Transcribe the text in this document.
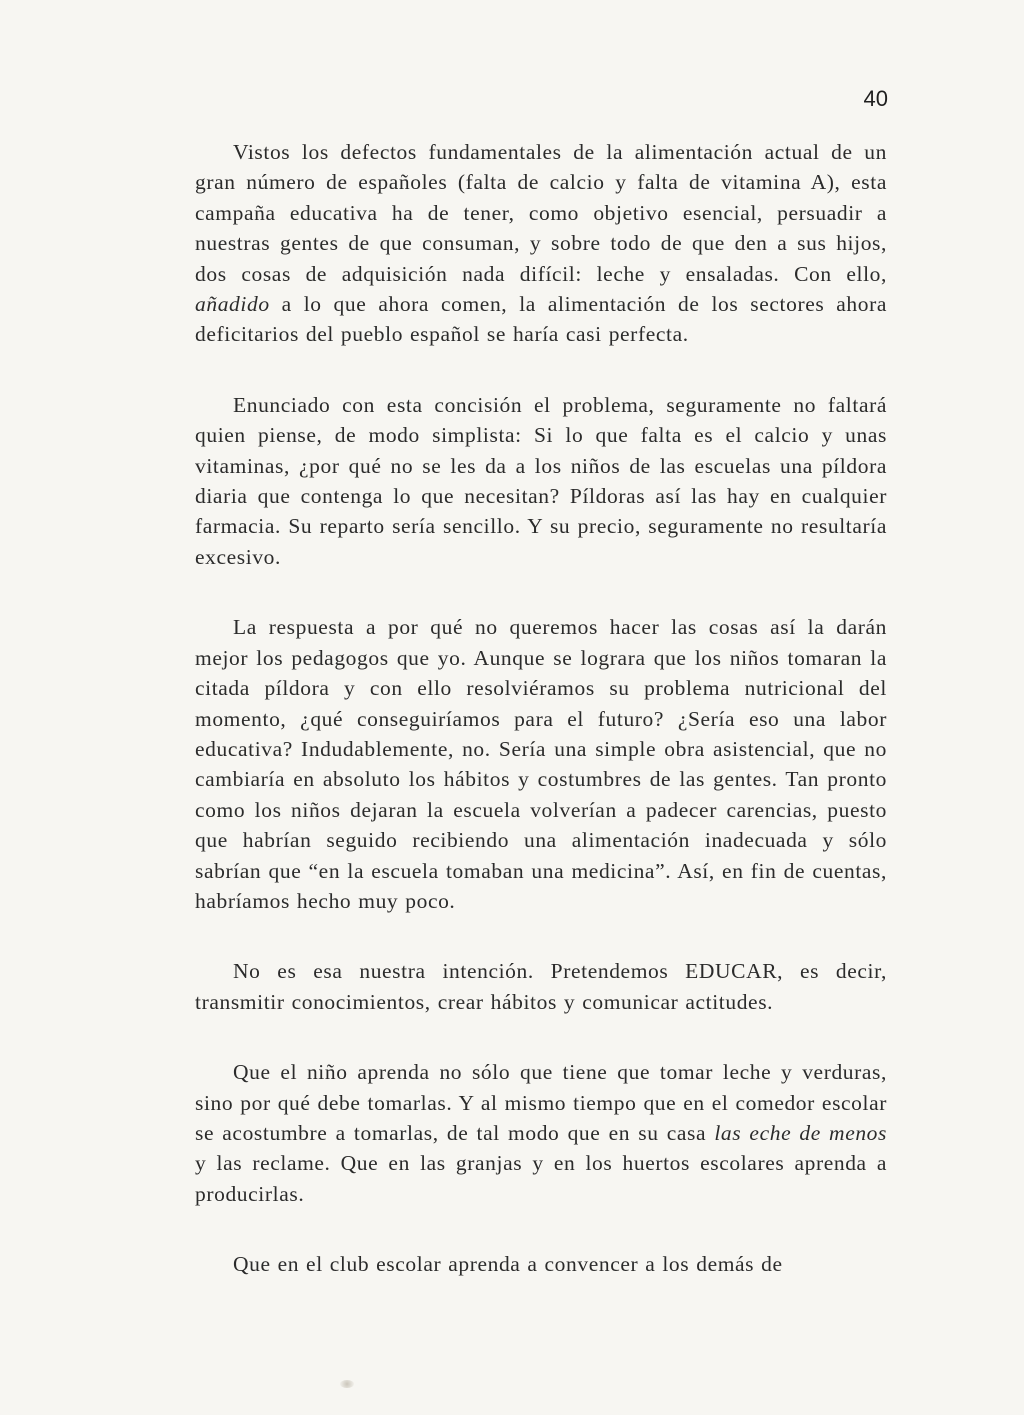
40

Vistos los defectos fundamentales de la alimentación actual de un gran número de españoles (falta de calcio y falta de vitamina A), esta campaña educativa ha de tener, como objetivo esencial, persuadir a nuestras gentes de que consuman, y sobre todo de que den a sus hijos, dos cosas de adquisición nada difícil: leche y ensaladas. Con ello, añadido a lo que ahora comen, la alimentación de los sectores ahora deficitarios del pueblo español se haría casi perfecta.

Enunciado con esta concisión el problema, seguramente no faltará quien piense, de modo simplista: Si lo que falta es el calcio y unas vitaminas, ¿por qué no se les da a los niños de las escuelas una píldora diaria que contenga lo que necesitan? Píldoras así las hay en cualquier farmacia. Su reparto sería sencillo. Y su precio, seguramente no resultaría excesivo.

La respuesta a por qué no queremos hacer las cosas así la darán mejor los pedagogos que yo. Aunque se lograra que los niños tomaran la citada píldora y con ello resolviéramos su problema nutricional del momento, ¿qué conseguiríamos para el futuro? ¿Sería eso una labor educativa? Indudablemente, no. Sería una simple obra asistencial, que no cambiaría en absoluto los hábitos y costumbres de las gentes. Tan pronto como los niños dejaran la escuela volverían a padecer carencias, puesto que habrían seguido recibiendo una alimentación inadecuada y sólo sabrían que “en la escuela tomaban una medicina”. Así, en fin de cuentas, habríamos hecho muy poco.

No es esa nuestra intención. Pretendemos EDUCAR, es decir, transmitir conocimientos, crear hábitos y comunicar actitudes.

Que el niño aprenda no sólo que tiene que tomar leche y verduras, sino por qué debe tomarlas. Y al mismo tiempo que en el comedor escolar se acostumbre a tomarlas, de tal modo que en su casa las eche de menos y las reclame. Que en las granjas y en los huertos escolares aprenda a producirlas.

Que en el club escolar aprenda a convencer a los demás de
